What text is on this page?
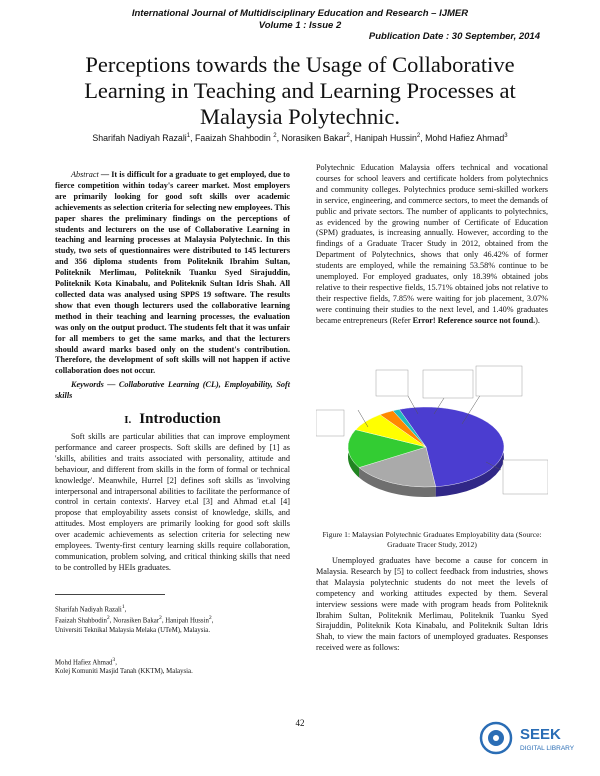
International Journal of Multidisciplinary Education and Research – IJMER
Volume 1 : Issue 2
Publication Date : 30 September, 2014
Perceptions towards the Usage of Collaborative
Learning in Teaching and Learning Processes at
Malaysia Polytechnic.
Sharifah Nadiyah Razali$^1$, Faaizah Shahbodin $^2$, Norasiken Bakar$^2$, Hanipah Hussin$^2$, Mohd Hafiez Ahmad$^3$
Abstract — It is difficult for a graduate to get employed, due to fierce competition within today's career market. Most employers are primarily looking for good soft skills over academic achievements as selection criteria for selecting new employees. This paper shares the preliminary findings on the perceptions of students and lecturers on the use of Collaborative Learning in teaching and learning processes at Malaysia Polytechnic. In this study, two sets of questionnaires were distributed to 145 lecturers and 356 diploma students from Politeknik Ibrahim Sultan, Politeknik Merlimau, Politeknik Tuanku Syed Sirajuddin, Politeknik Kota Kinabalu, and Politeknik Sultan Idris Shah. All collected data was analysed using SPPS 19 software. The results show that even though lecturers used the collaborative learning method in their teaching and learning processes, the evaluation was only on the output product. The students felt that it was unfair for all members to get the same marks, and that the lecturers should award marks based only on the student's contribution. Therefore, the development of soft skills will not happen if active collaboration does not occur.
Keywords — Collaborative Learning (CL), Employability, Soft skills
I. Introduction
Soft skills are particular abilities that can improve employment performance and career prospects. Soft skills are defined by [1] as 'skills, abilities and traits associated with personality, attitude and behaviour, and different from skills in the form of formal or technical knowledge'. Meanwhile, Hurrel [2] defines soft skills as 'involving interpersonal and intrapersonal abilities to facilitate the performance of control in certain contexts'. Harvey et.al [3] and Ahmad et.al [4] propose that employability assets consist of knowledge, skills, and attitudes. Most employers are primarily looking for good soft skills over academic achievements as selection criteria for selecting new employees. Twenty-first century learning skills require collaboration, communication, problem solving, and critical thinking skills that need to be controlled by HEIs graduates.
Sharifah Nadiyah Razali$^1$,
Faaizah Shahbodin$^2$, Norasiken Bakar$^2$, Hanipah Hussin$^2$,
Universiti Teknikal Malaysia Melaka (UTeM), Malaysia.
Mohd Hafiez Ahmad$^3$,
Kolej Komuniti Masjid Tanah (KKTM), Malaysia.
Polytechnic Education Malaysia offers technical and vocational courses for school leavers and certificate holders from polytechnics and community colleges. Polytechnics produce semi-skilled workers in service, engineering, and commerce sectors, to meet the demands of public and private sectors. The number of applicants to polytechnics, as evidenced by the growing number of Certificate of Education (SPM) graduates, is increasing annually. However, according to the findings of a Graduate Tracer Study in 2012, obtained from the Department of Polytechnics, shows that only 46.42% of former students are employed, while the remaining 53.58% continue to be unemployed. For employed graduates, only 18.39% obtained jobs relative to their respective fields, 15.71% obtained jobs not relative to their respective fields, 7.85% were waiting for job placement, 3.07% were continuing their studies to the next level, and 1.40% graduates became entrepreneurs (Refer Error! Reference source not found.).
Figure 1: Malaysian Polytechnic Graduates Employability data (Source: Graduate Tracer Study, 2012)
Unemployed graduates have become a cause for concern in Malaysia. Research by [5] to collect feedback from industries, shows that Malaysia polytechnic students do not meet the levels of competency and working attitudes expected by them. Several interview sessions were made with program heads from Politeknik Ibrahim Sultan, Politeknik Merlimau, Politeknik Tuanku Syed Sirajuddin, Politeknik Kota Kinabalu, and Politeknik Sultan Idris Shah, to view the main factors of unemployed graduates. Responses received were as follows:
42
SEEK
DIGITAL LIBRARY
